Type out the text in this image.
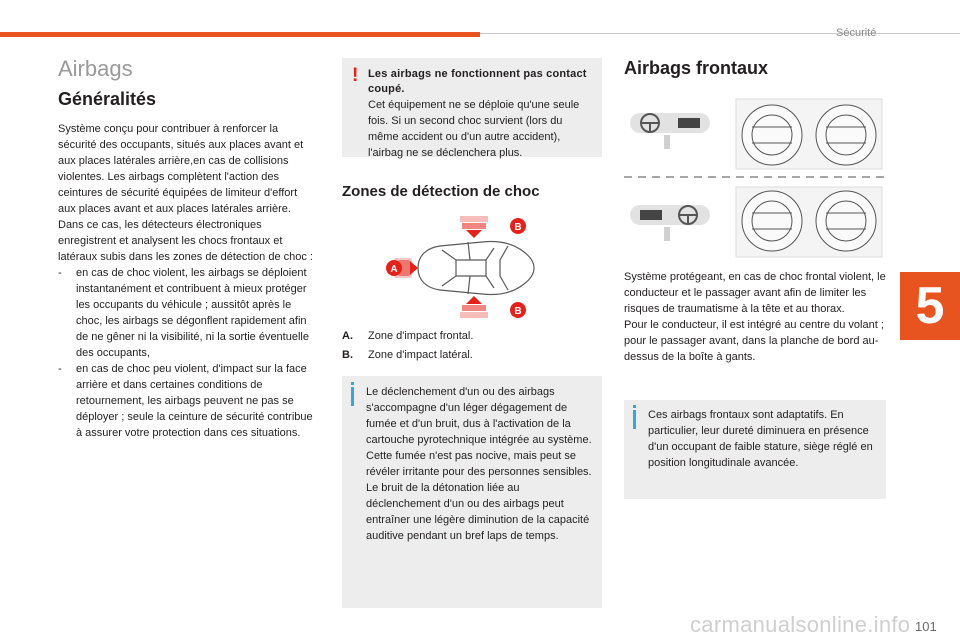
Sécurité
5
carmanualsonline.info 101
Airbags
Généralités

Système conçu pour contribuer à renforcer la sécurité des occupants, situés aux places avant et aux places latérales arrière,en cas de collisions violentes. Les airbags complètent l'action des ceintures de sécurité équipées de limiteur d'effort aux places avant et aux places latérales arrière.

Dans ce cas, les détecteurs électroniques enregistrent et analysent les chocs frontaux et latéraux subis dans les zones de détection de choc :

- en cas de choc violent, les airbags se déploient instantanément et contribuent à mieux protéger les occupants du véhicule ; aussitôt après le choc, les airbags se dégonflent rapidement afin de ne gêner ni la visibilité, ni la sortie éventuelle des occupants,
- en cas de choc peu violent, d'impact sur la face arrière et dans certaines conditions de retournement, les airbags peuvent ne pas se déployer ; seule la ceinture de sécurité contribue à assurer votre protection dans ces situations.
! Les airbags ne fonctionnent pas contact coupé.
Cet équipement ne se déploie qu'une seule fois. Si un second choc survient (lors du même accident ou d'un autre accident), l'airbag ne se déclenchera plus.
Zones de détection de choc
A
B
B
A.	Zone d'impact frontal.
B.	Zone d'impact latéral.
Le déclenchement d'un ou des airbags s'accompagne d'un léger dégagement de fumée et d'un bruit, dus à l'activation de la cartouche pyrotechnique intégrée au système. Cette fumée n'est pas nocive, mais peut se révéler irritante pour des personnes sensibles. Le bruit de la détonation liée au déclenchement d'un ou des airbags peut entraîner une légère diminution de la capacité auditive pendant un bref laps de temps.
Airbags frontaux

Système protégeant, en cas de choc frontal violent, le conducteur et le passager avant afin de limiter les risques de traumatisme à la tête et au thorax.

Pour le conducteur, il est intégré au centre du volant ; pour le passager avant, dans la planche de bord au-dessus de la boîte à gants.

Ces airbags frontaux sont adaptatifs. En particulier, leur dureté diminuera en présence d'un occupant de faible stature, siège réglé en position longitudinale avancée.
